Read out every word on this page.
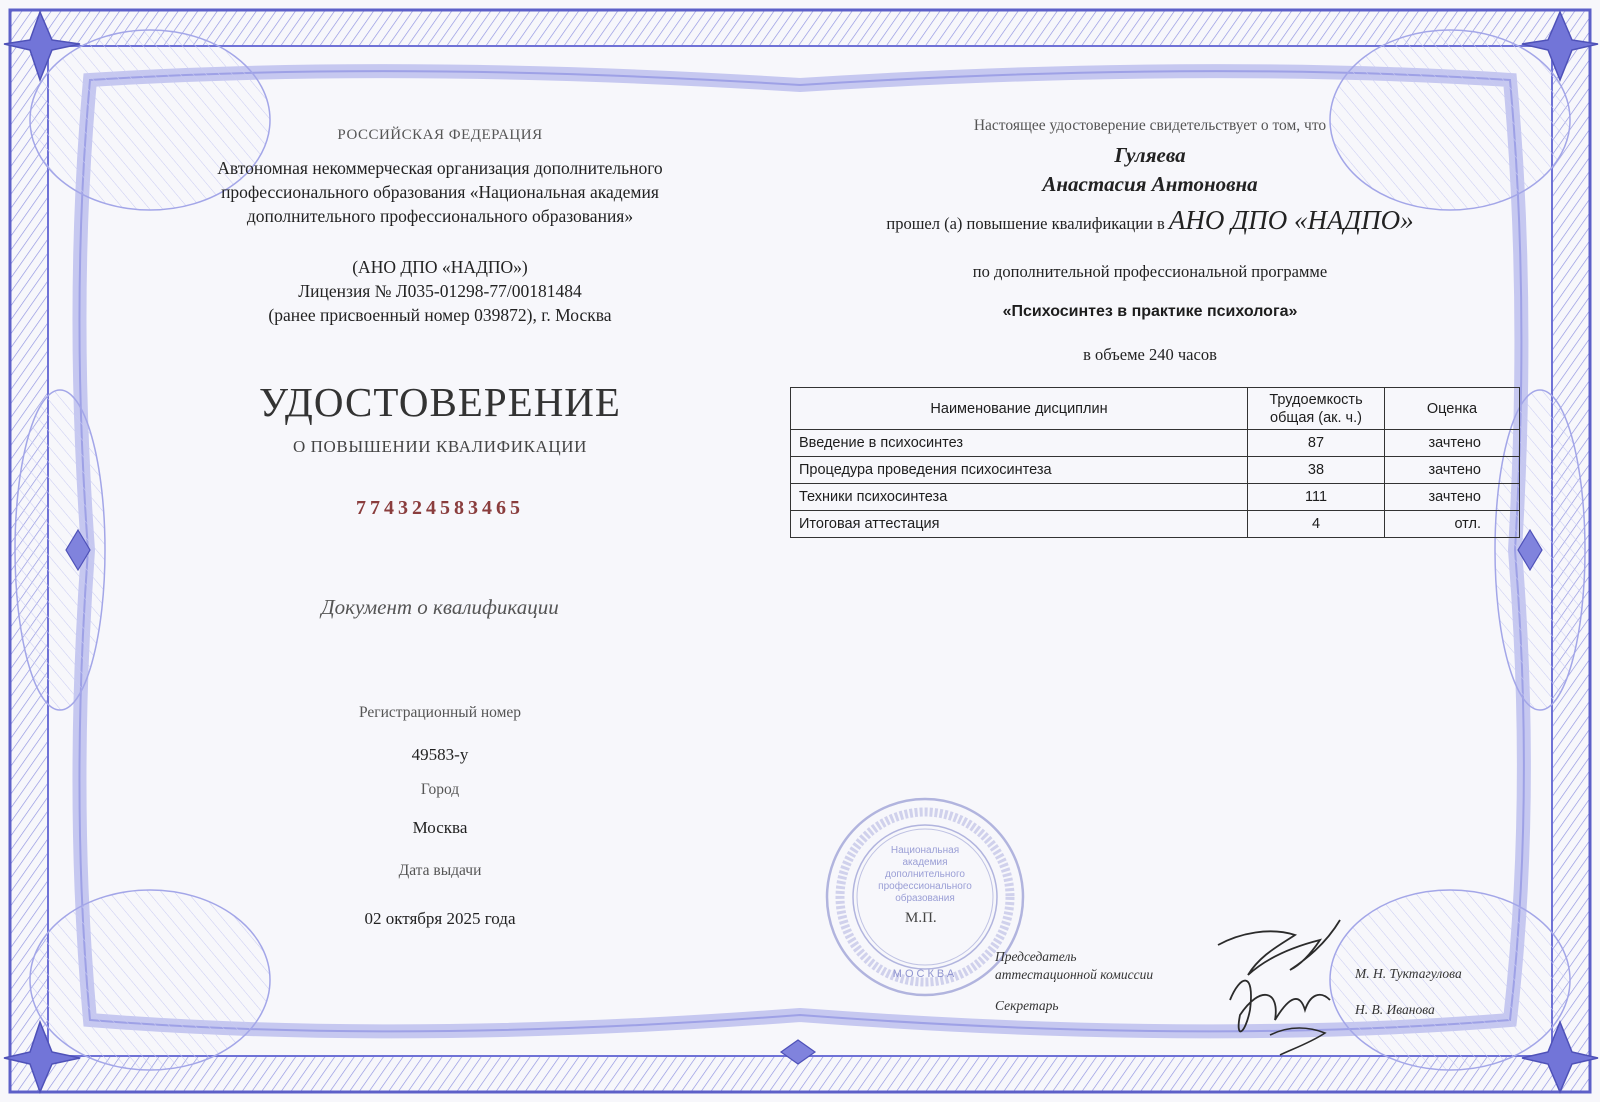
РОССИЙСКАЯ ФЕДЕРАЦИЯ
Автономная некоммерческая организация дополнительного
профессионального образования «Национальная академия
дополнительного профессионального образования»
(АНО ДПО «НАДПО»)
Лицензия № Л035-01298-77/00181484
(ранее присвоенный номер 039872), г. Москва
УДОСТОВЕРЕНИЕ
О ПОВЫШЕНИИ КВАЛИФИКАЦИИ
774324583465
Документ о квалификации
Регистрационный номер
49583-у
Город
Москва
Дата выдачи
02 октября 2025 года
Настоящее удостоверение свидетельствует о том, что
Гуляева
Анастасия Антоновна
прошел (а) повышение квалификации в АНО ДПО «НАДПО»
по дополнительной профессиональной программе
«Психосинтез в практике психолога»
в объеме 240 часов
Наименование дисциплин	Трудоемкость общая (ак. ч.)	Оценка
Введение в психосинтез	87	зачтено
Процедура проведения психосинтеза	38	зачтено
Техники психосинтеза	111	зачтено
Итоговая аттестация	4	отл.
МОСКВА
Национальная академия дополнительного профессионального образования
М.П.
Председатель
аттестационной комиссии
Секретарь
М. Н. Туктагулова
Н. В. Иванова
